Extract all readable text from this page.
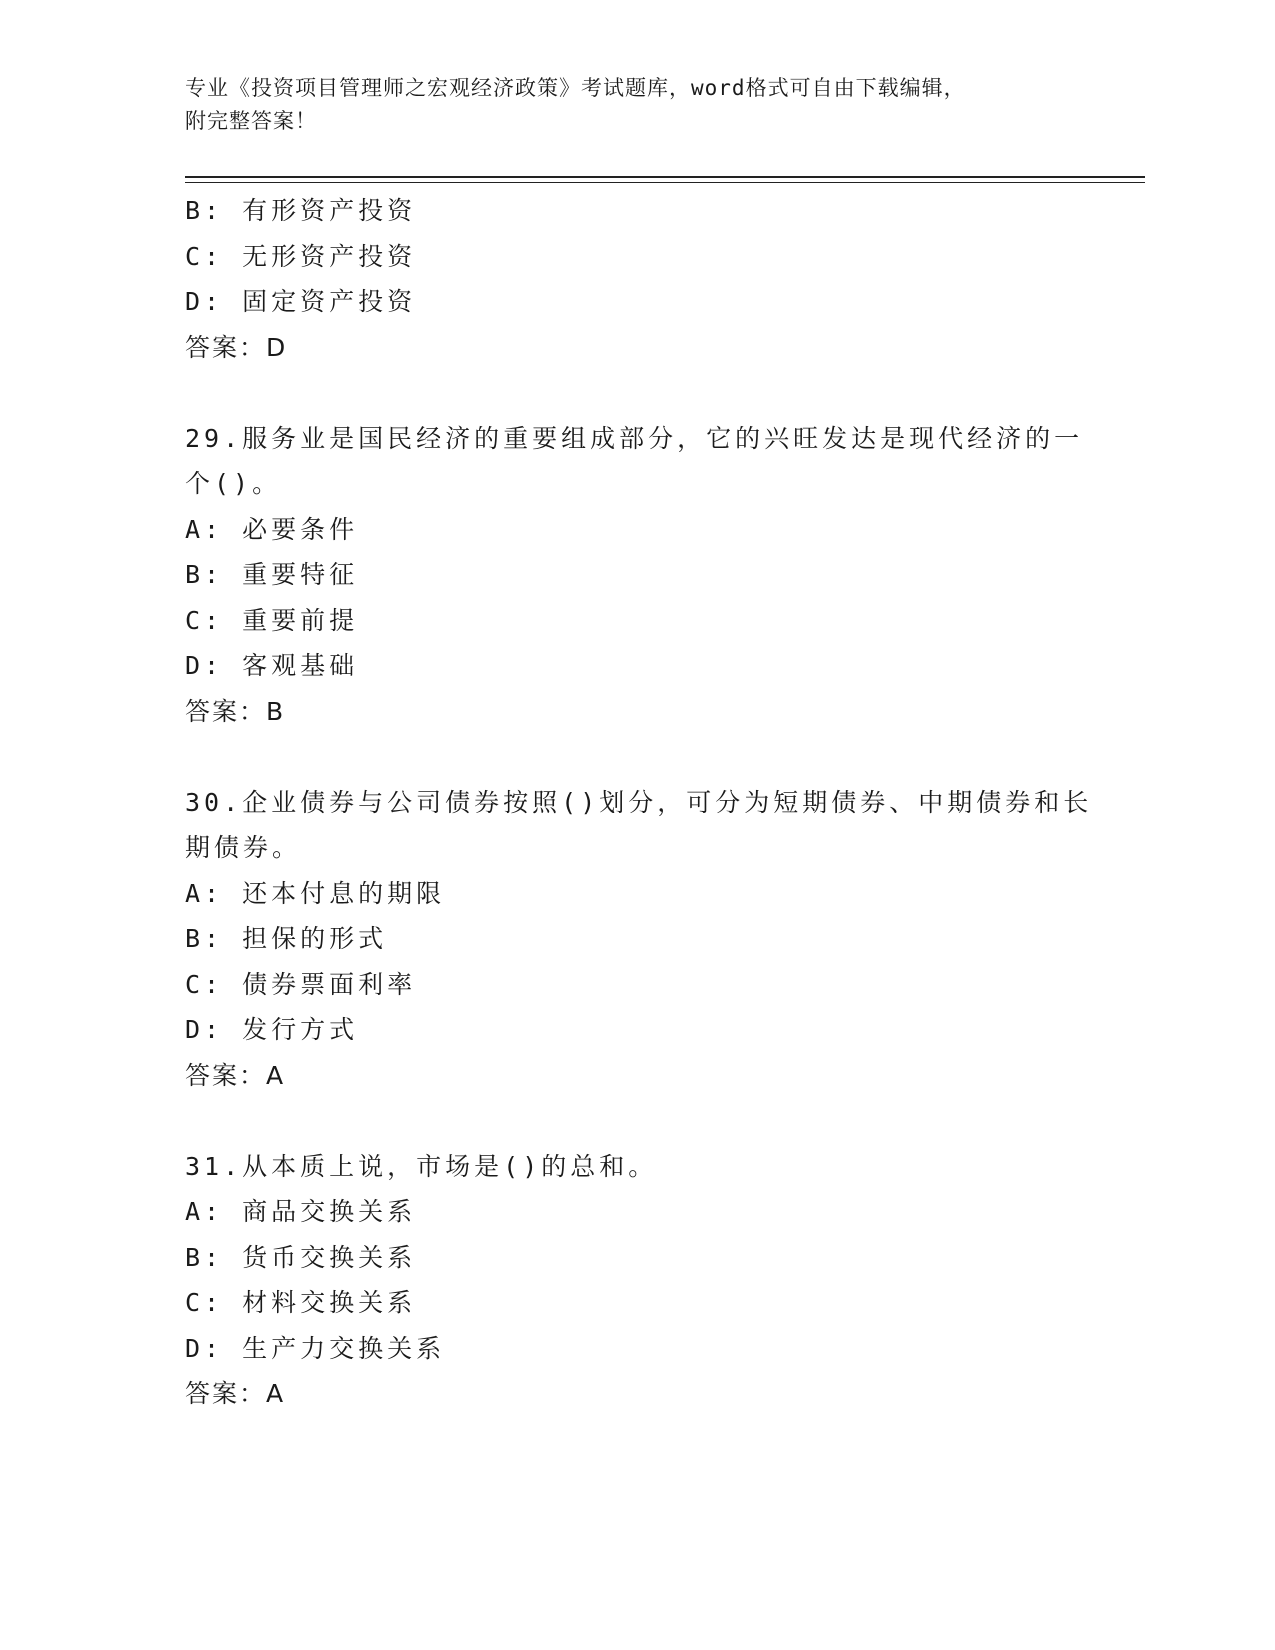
专业《投资项目管理师之宏观经济政策》考试题库，word格式可自由下载编辑，
附完整答案！
B: 有形资产投资
C: 无形资产投资
D: 固定资产投资
答案：D
29.服务业是国民经济的重要组成部分，它的兴旺发达是现代经济的一
个()。
A: 必要条件
B: 重要特征
C: 重要前提
D: 客观基础
答案：B
30.企业债券与公司债券按照()划分，可分为短期债券、中期债券和长
期债券。
A: 还本付息的期限
B: 担保的形式
C: 债券票面利率
D: 发行方式
答案：A
31.从本质上说，市场是()的总和。
A: 商品交换关系
B: 货币交换关系
C: 材料交换关系
D: 生产力交换关系
答案：A
